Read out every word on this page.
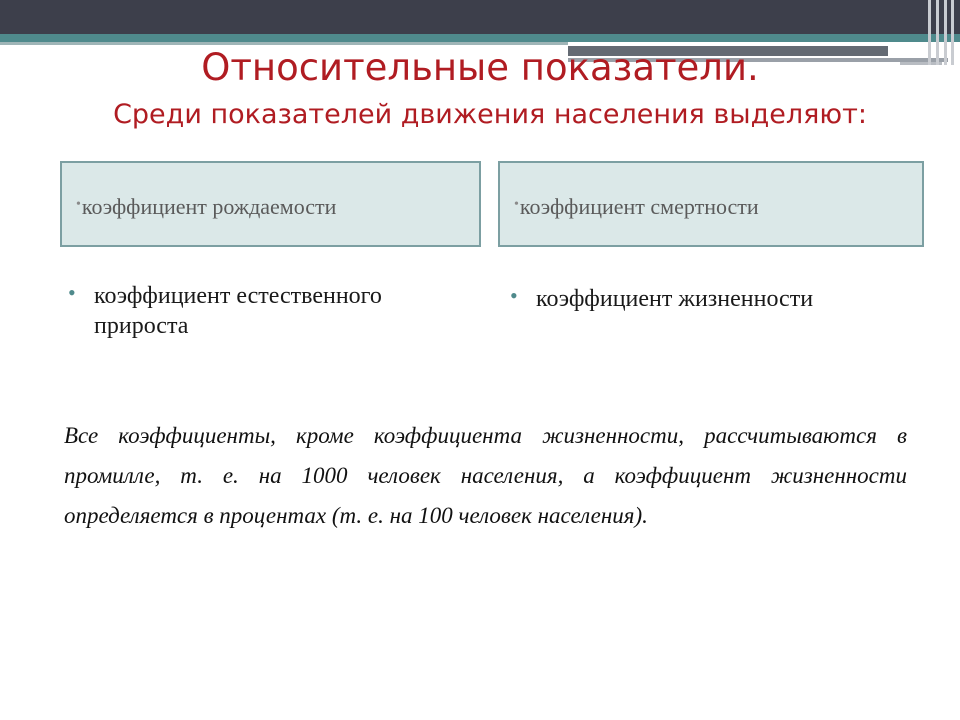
Относительные показатели.
Среди показателей движения населения выделяют:
•коэффициент рождаемости	•коэффициент смертности
• коэффициент естественного прироста
• коэффициент жизненности
Все коэффициенты, кроме коэффициента жизненности, рассчитываются в промилле, т. е. на 1000 человек населения, а коэффициент жизненности определяется в процентах (т. е. на 100 человек населения).
